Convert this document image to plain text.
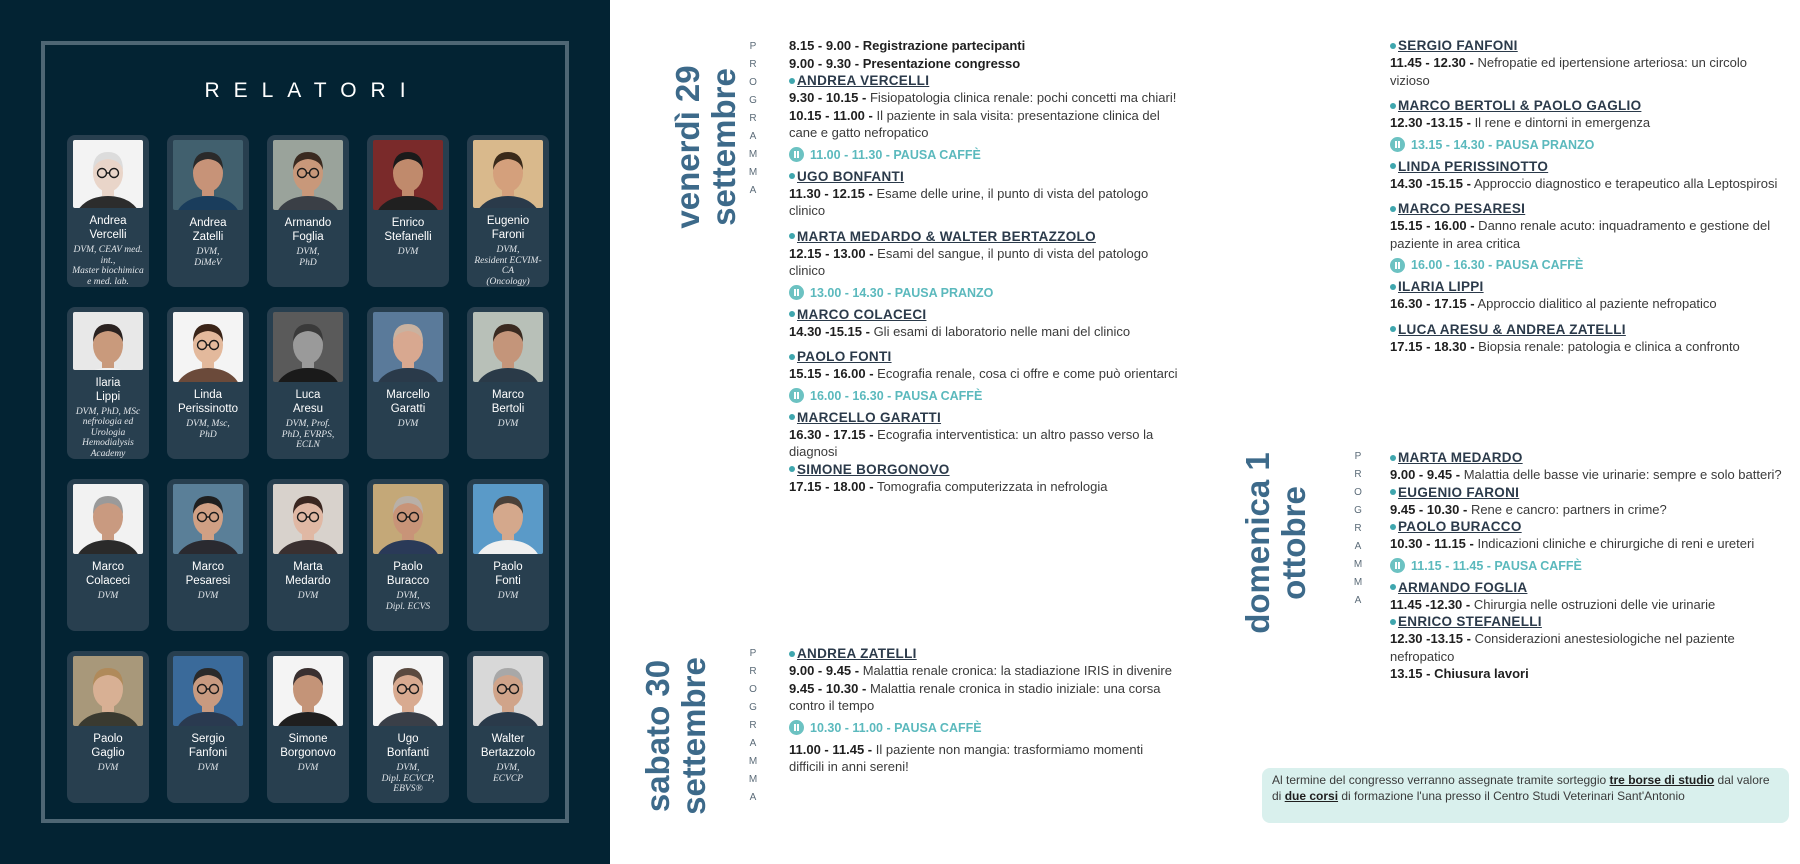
RELATORI
Andrea
Vercelli
DVM, CEAV med. int.,
Master biochimica
e med. lab.
Andrea
Zatelli
DVM,
DiMeV
Armando
Foglia
DVM,
PhD
Enrico
Stefanelli
DVM
Eugenio
Faroni
DVM,
Resident ECVIM-CA
(Oncology)
Ilaria
Lippi
DVM, PhD, MSc
nefrologia ed Urologia
Hemodialysis Academy
Linda
Perissinotto
DVM, Msc,
PhD
Luca
Aresu
DVM, Prof.
PhD, EVRPS,
ECLN
Marcello
Garatti
DVM
Marco
Bertoli
DVM
Marco
Colaceci
DVM
Marco
Pesaresi
DVM
Marta
Medardo
DVM
Paolo
Buracco
DVM,
Dipl. ECVS
Paolo
Fonti
DVM
Paolo
Gaglio
DVM
Sergio
Fanfoni
DVM
Simone
Borgonovo
DVM
Ugo
Bonfanti
DVM,
Dipl. ECVCP,
EBVS®
Walter
Bertazzolo
DVM,
ECVCP
venerdì 29
settembre
P
R
O
G
R
A
M
M
A
8.15 - 9.00 - Registrazione partecipanti
9.00 - 9.30 - Presentazione congresso
ANDREA VERCELLI
9.30 - 10.15 - Fisiopatologia clinica renale: pochi concetti ma chiari!
10.15 - 11.00 - Il paziente in sala visita: presentazione clinica del cane e gatto nefropatico
11.00 - 11.30 - PAUSA CAFFÈ
UGO BONFANTI
11.30 - 12.15 - Esame delle urine, il punto di vista del patologo clinico
MARTA MEDARDO & WALTER BERTAZZOLO
12.15 - 13.00 - Esami del sangue, il punto di vista del patologo clinico
13.00 - 14.30 - PAUSA PRANZO
MARCO COLACECI
14.30 -15.15 - Gli esami di laboratorio nelle mani del clinico
PAOLO FONTI
15.15 - 16.00 - Ecografia renale, cosa ci offre e come può orientarci
16.00 - 16.30 - PAUSA CAFFÈ
MARCELLO GARATTI
16.30 - 17.15 - Ecografia interventistica: un altro passo verso la diagnosi
SIMONE BORGONOVO
17.15 - 18.00 - Tomografia computerizzata in nefrologia
sabato 30
settembre
P
R
O
G
R
A
M
M
A
ANDREA ZATELLI
9.00 - 9.45 - Malattia renale cronica: la stadiazione IRIS in divenire
9.45 - 10.30 - Malattia renale cronica in stadio iniziale: una corsa contro il tempo
10.30 - 11.00 - PAUSA CAFFÈ
11.00 - 11.45 - Il paziente non mangia: trasformiamo momenti difficili in anni sereni!
SERGIO FANFONI
11.45 - 12.30 - Nefropatie ed ipertensione arteriosa: un circolo vizioso
MARCO BERTOLI & PAOLO GAGLIO
12.30 -13.15 - Il rene e dintorni in emergenza
13.15 - 14.30 - PAUSA PRANZO
LINDA PERISSINOTTO
14.30 -15.15 - Approccio diagnostico e terapeutico alla Leptospirosi
MARCO PESARESI
15.15 - 16.00 - Danno renale acuto: inquadramento e gestione del paziente in area critica
16.00 - 16.30 - PAUSA CAFFÈ
ILARIA LIPPI
16.30 - 17.15 - Approccio dialitico al paziente nefropatico
LUCA ARESU & ANDREA ZATELLI
17.15 - 18.30 - Biopsia renale: patologia e clinica a confronto
domenica 1
ottobre
P
R
O
G
R
A
M
M
A
MARTA MEDARDO
9.00 - 9.45 - Malattia delle basse vie urinarie: sempre e solo batteri?
EUGENIO FARONI
9.45 - 10.30 - Rene e cancro: partners in crime?
PAOLO BURACCO
10.30 - 11.15 - Indicazioni cliniche e chirurgiche di reni e ureteri
11.15 - 11.45 - PAUSA CAFFÈ
ARMANDO FOGLIA
11.45 -12.30 - Chirurgia nelle ostruzioni delle vie urinarie
ENRICO STEFANELLI
12.30 -13.15 - Considerazioni anestesiologiche nel paziente nefropatico
13.15 - Chiusura lavori
Al termine del congresso verranno assegnate tramite sorteggio tre borse di studio dal valore di due corsi di formazione l'una presso il Centro Studi Veterinari Sant'Antonio
